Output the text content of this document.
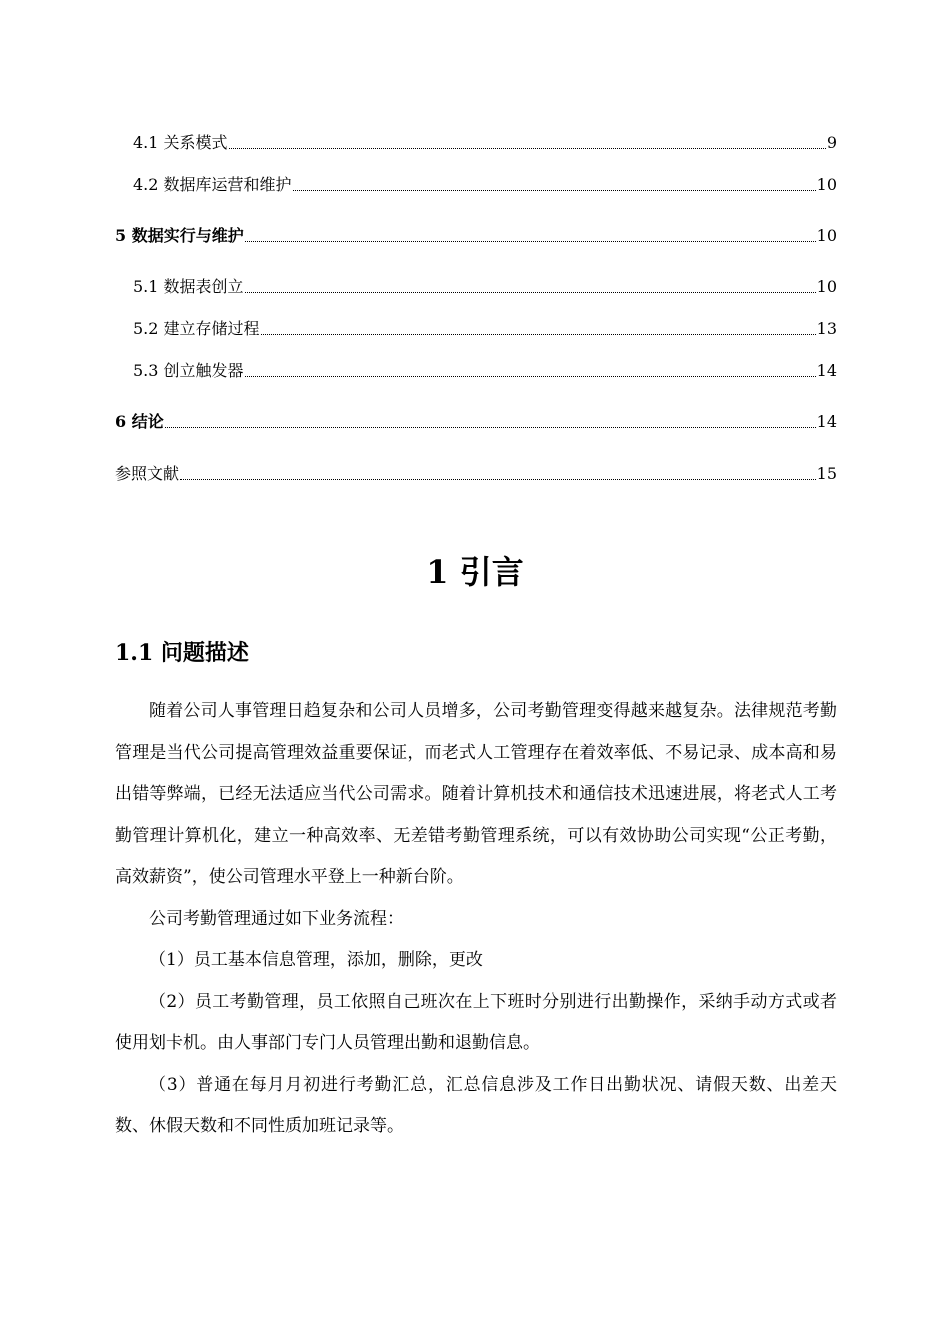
4.1 关系模式	9
4.2 数据库运营和维护	10
5 数据实行与维护	10
5.1 数据表创立	10
5.2 建立存储过程	13
5.3 创立触发器	14
6 结论	14
参照文献	15
1 引言
1.1 问题描述

随着公司人事管理日趋复杂和公司人员增多，公司考勤管理变得越来越复杂。法律规范考勤管理是当代公司提高管理效益重要保证，而老式人工管理存在着效率低、不易记录、成本高和易出错等弊端，已经无法适应当代公司需求。随着计算机技术和通信技术迅速进展，将老式人工考勤管理计算机化，建立一种高效率、无差错考勤管理系统，可以有效协助公司实现“公正考勤，高效薪资”，使公司管理水平登上一种新台阶。

公司考勤管理通过如下业务流程：

（1）员工基本信息管理，添加，删除，更改

（2）员工考勤管理，员工依照自己班次在上下班时分别进行出勤操作，采纳手动方式或者使用划卡机。由人事部门专门人员管理出勤和退勤信息。

（3）普通在每月月初进行考勤汇总，汇总信息涉及工作日出勤状况、请假天数、出差天数、休假天数和不同性质加班记录等。
